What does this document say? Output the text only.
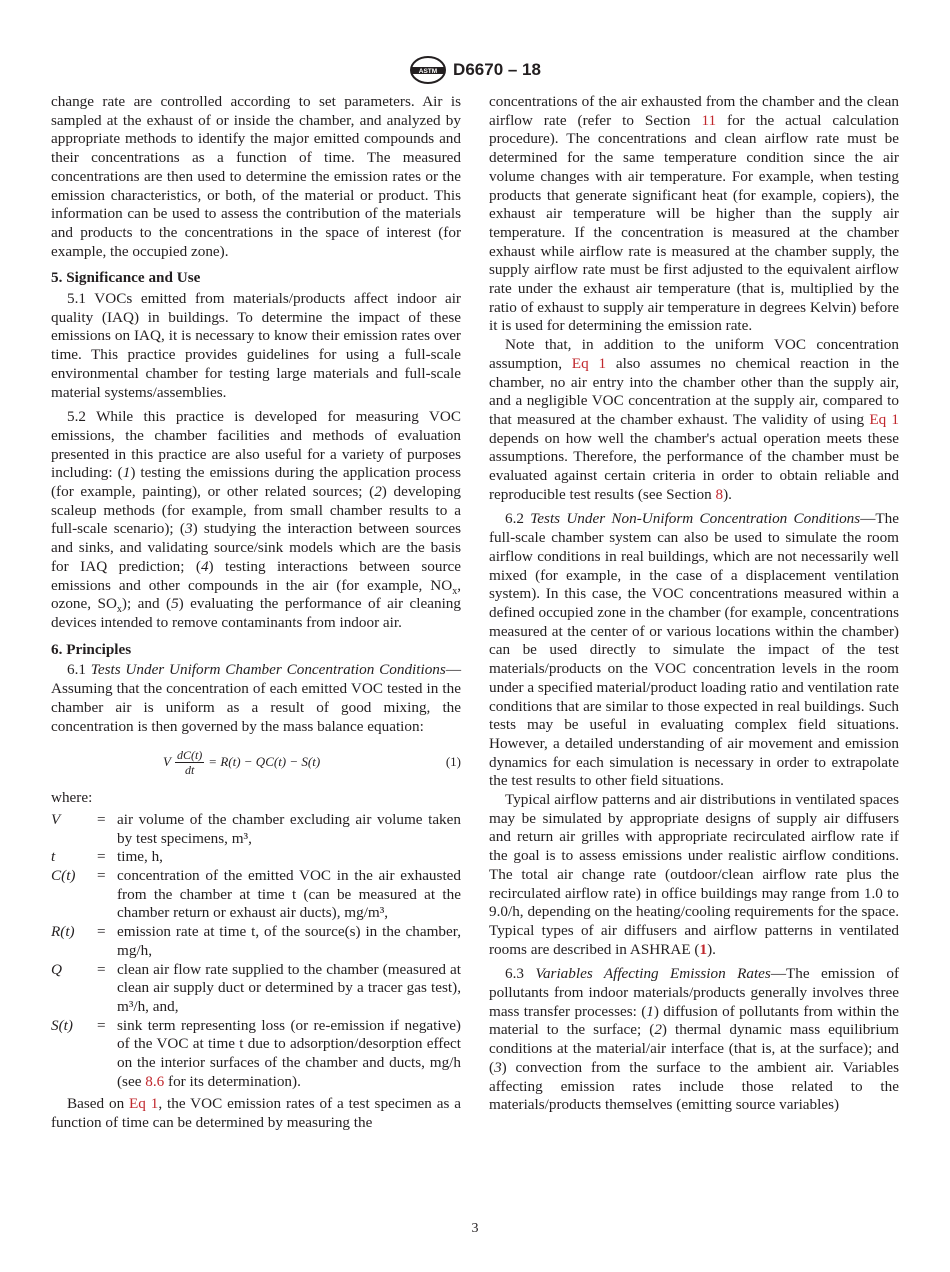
ASTM D6670 – 18

change rate are controlled according to set parameters. Air is sampled at the exhaust of or inside the chamber, and analyzed by appropriate methods to identify the major emitted compounds and their concentrations as a function of time. The measured concentrations are then used to determine the emission rates or the emission characteristics, or both, of the material or product. This information can be used to assess the contribution of the materials and products to the concentrations in the space of interest (for example, the occupied zone).

5. Significance and Use

5.1 VOCs emitted from materials/products affect indoor air quality (IAQ) in buildings. To determine the impact of these emissions on IAQ, it is necessary to know their emission rates over time. This practice provides guidelines for using a full-scale environmental chamber for testing large materials and full-scale material systems/assemblies.

5.2 While this practice is developed for measuring VOC emissions, the chamber facilities and methods of evaluation presented in this practice are also useful for a variety of purposes including: (1) testing the emissions during the application process (for example, painting), or other related sources; (2) developing scaleup methods (for example, from small chamber results to a full-scale scenario); (3) studying the interaction between sources and sinks, and validating source/sink models which are the basis for IAQ prediction; (4) testing interactions between source emissions and other compounds in the air (for example, $NO_x$, ozone, $SO_x$); and (5) evaluating the performance of air cleaning devices intended to remove contaminants from indoor air.

6. Principles

6.1 Tests Under Uniform Chamber Concentration Conditions—Assuming that the concentration of each emitted VOC tested in the chamber air is uniform as a result of good mixing, the concentration is then governed by the mass balance equation:

V $\frac{dC(t)}{dt} = R(t) - QC(t) - S(t)$	(1)

where:

V	= air volume of the chamber excluding air volume taken by test specimens, m³,
t	= time, h,
C(t)	= concentration of the emitted VOC in the air exhausted from the chamber at time t (can be measured at the chamber return or exhaust air ducts), mg/m³,
R(t)	= emission rate at time t, of the source(s) in the chamber, mg/h,
Q	= clean air flow rate supplied to the chamber (measured at clean air supply duct or determined by a tracer gas test), m³/h, and,
S(t)	= sink term representing loss (or re-emission if negative) of the VOC at time t due to adsorption/desorption effect on the interior surfaces of the chamber and ducts, mg/h (see 8.6 for its determination).

Based on Eq 1, the VOC emission rates of a test specimen as a function of time can be determined by measuring the

concentrations of the air exhausted from the chamber and the clean airflow rate (refer to Section 11 for the actual calculation procedure). The concentrations and clean airflow rate must be determined for the same temperature condition since the air volume changes with air temperature. For example, when testing products that generate significant heat (for example, copiers), the exhaust air temperature will be higher than the supply air temperature. If the concentration is measured at the chamber exhaust while airflow rate is measured at the chamber supply, the supply airflow rate must be first adjusted to the equivalent airflow rate under the exhaust air temperature (that is, multiplied by the ratio of exhaust to supply air temperature in degrees Kelvin) before it is used for determining the emission rate.

Note that, in addition to the uniform VOC concentration assumption, Eq 1 also assumes no chemical reaction in the chamber, no air entry into the chamber other than the supply air, and a negligible VOC concentration at the supply air, compared to that measured at the chamber exhaust. The validity of using Eq 1 depends on how well the chamber's actual operation meets these assumptions. Therefore, the performance of the chamber must be evaluated against certain criteria in order to obtain reliable and reproducible test results (see Section 8).

6.2 Tests Under Non-Uniform Concentration Conditions—The full-scale chamber system can also be used to simulate the room airflow conditions in real buildings, which are not necessarily well mixed (for example, in the case of a displacement ventilation system). In this case, the VOC concentrations measured within a defined occupied zone in the chamber (for example, concentrations measured at the center of or various locations within the chamber) can be used directly to simulate the impact of the test materials/products on the VOC concentration levels in the room under a specified material/product loading ratio and ventilation rate conditions that are similar to those expected in real buildings. Such tests may be useful in evaluating complex field situations. However, a detailed understanding of air movement and emission dynamics for each simulation is necessary in order to extrapolate the test results to other field situations.

Typical airflow patterns and air distributions in ventilated spaces may be simulated by appropriate designs of supply air diffusers and return air grilles with appropriate recirculated airflow rate if the goal is to assess emissions under realistic airflow conditions. The total air change rate (outdoor/clean airflow rate plus the recirculated airflow rate) in office buildings may range from 1.0 to 9.0/h, depending on the heating/cooling requirements for the space. Typical types of air diffusers and airflow patterns in ventilated rooms are described in ASHRAE (1).

6.3 Variables Affecting Emission Rates—The emission of pollutants from indoor materials/products generally involves three mass transfer processes: (1) diffusion of pollutants from within the material to the surface; (2) thermal dynamic mass equilibrium conditions at the material/air interface (that is, at the surface); and (3) convection from the surface to the ambient air. Variables affecting emission rates include those related to the materials/products themselves (emitting source variables)

3
